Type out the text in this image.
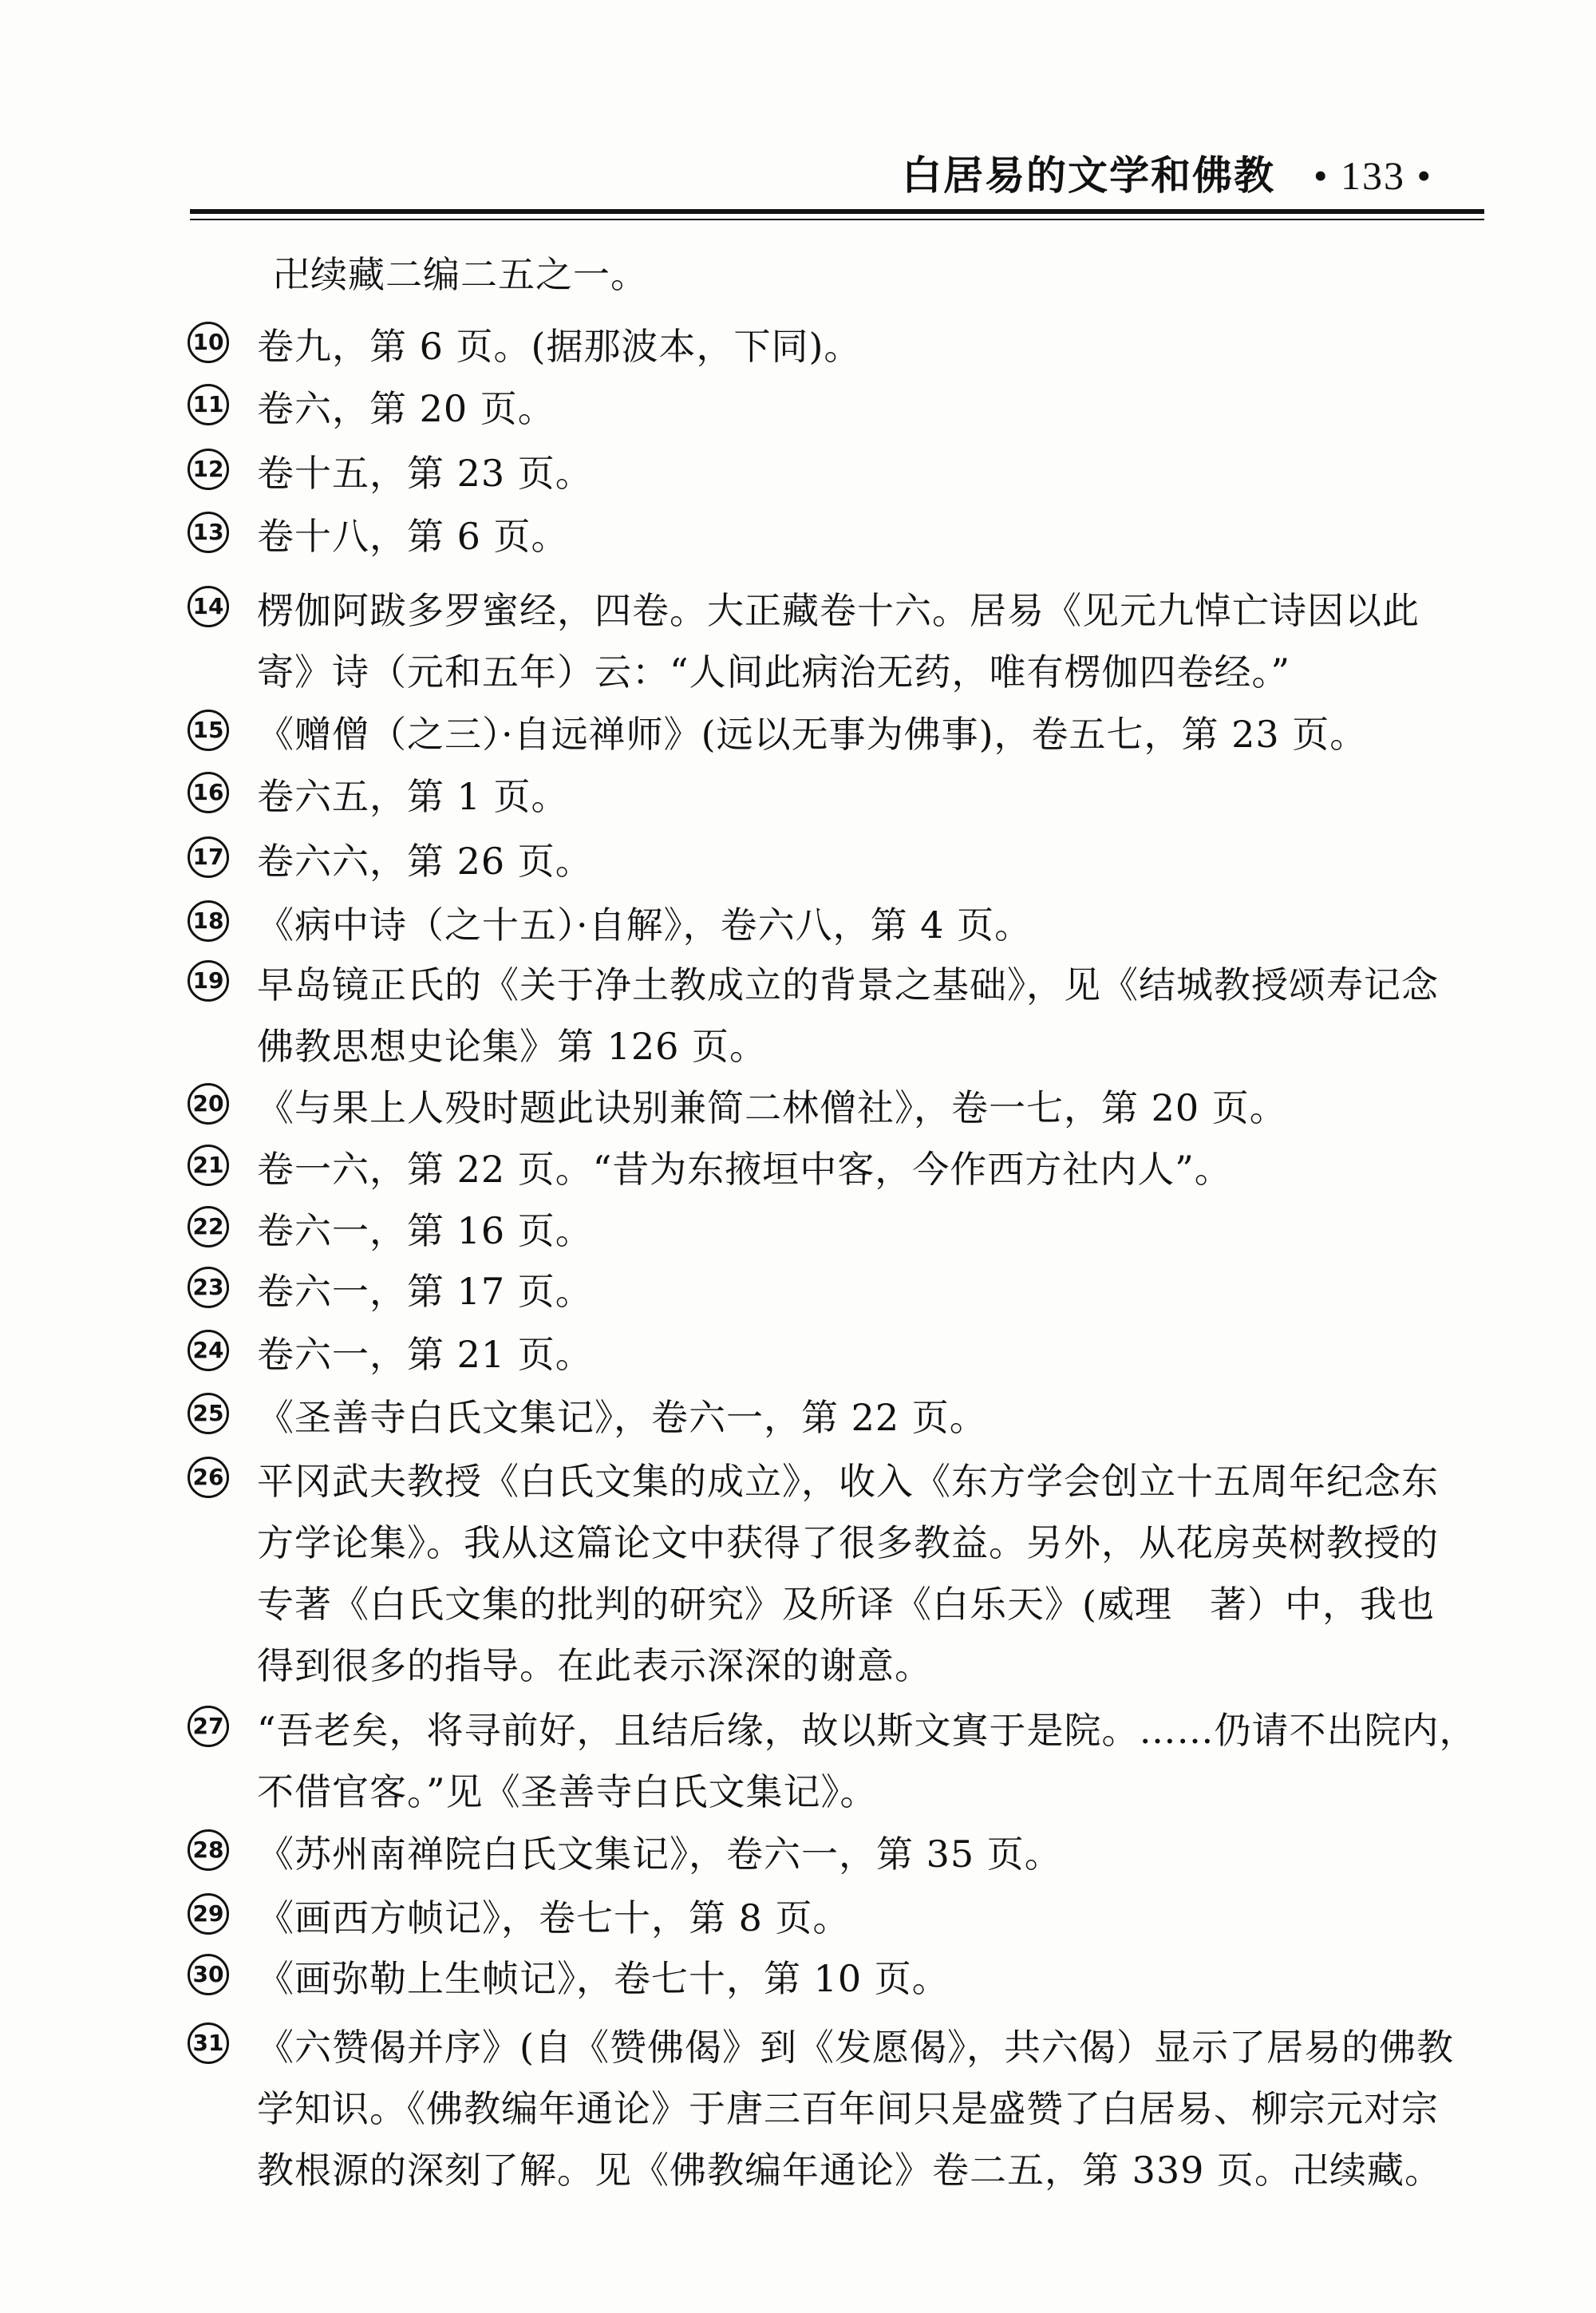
白居易的文学和佛教 • 133 •
卍续藏二编二五之一。
10 卷九，第 6 页。(据那波本，下同)。
11 卷六，第 20 页。
12 卷十五，第 23 页。
13 卷十八，第 6 页。
14 楞伽阿跋多罗蜜经，四卷。大正藏卷十六。居易《见元九悼亡诗因以此
寄》诗（元和五年）云：“人间此病治无药，唯有楞伽四卷经。”
15 《赠僧（之三）·自远禅师》(远以无事为佛事)，卷五七，第 23 页。
16 卷六五，第 1 页。
17 卷六六，第 26 页。
18 《病中诗（之十五）·自解》，卷六八，第 4 页。
19 早岛镜正氏的《关于净土教成立的背景之基础》，见《结城教授颂寿记念
佛教思想史论集》第 126 页。
20 《与果上人殁时题此诀别兼简二林僧社》，卷一七，第 20 页。
21 卷一六，第 22 页。“昔为东掖垣中客，今作西方社内人”。
22 卷六一，第 16 页。
23 卷六一，第 17 页。
24 卷六一，第 21 页。
25 《圣善寺白氏文集记》，卷六一，第 22 页。
26 平冈武夫教授《白氏文集的成立》，收入《东方学会创立十五周年纪念东
方学论集》。我从这篇论文中获得了很多教益。另外，从花房英树教授的
专著《白氏文集的批判的研究》及所译《白乐天》(威理　著）中，我也
得到很多的指导。在此表示深深的谢意。
27 “吾老矣，将寻前好，且结后缘，故以斯文寘于是院。……仍请不出院内，
不借官客。”见《圣善寺白氏文集记》。
28 《苏州南禅院白氏文集记》，卷六一，第 35 页。
29 《画西方帧记》，卷七十，第 8 页。
30 《画弥勒上生帧记》，卷七十，第 10 页。
31 《六赞偈并序》(自《赞佛偈》到《发愿偈》，共六偈）显示了居易的佛教
学知识。《佛教编年通论》于唐三百年间只是盛赞了白居易、柳宗元对宗
教根源的深刻了解。见《佛教编年通论》卷二五，第 339 页。卍续藏。
